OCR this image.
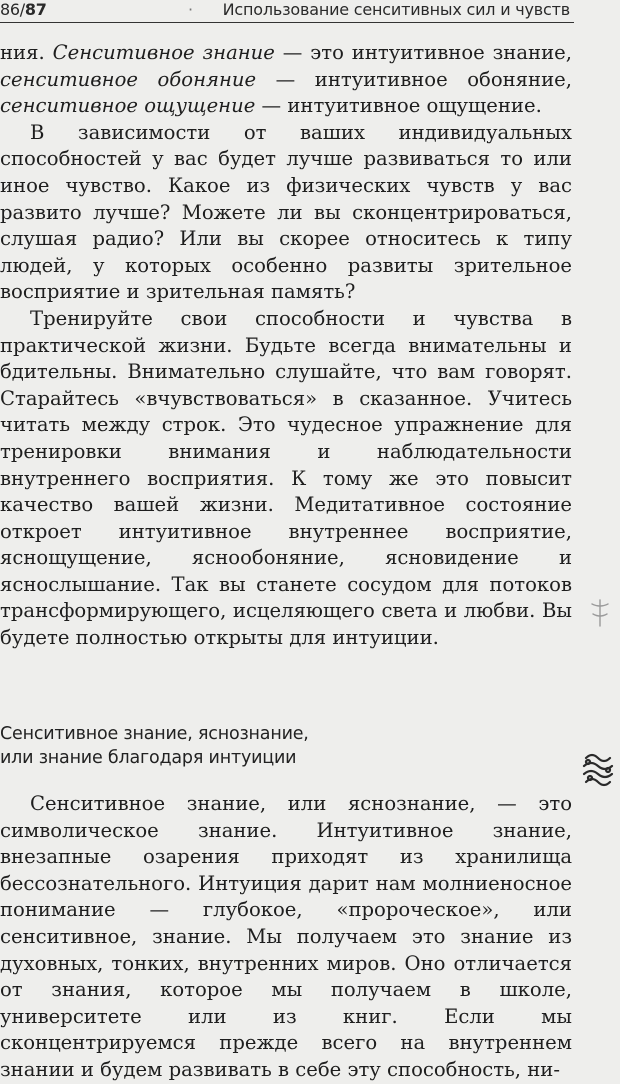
86/87	· Использование сенситивных сил и чувств

ния. Сенситивное знание — это интуитивное знание, сенситивное обоняние — интуитивное обоняние, сенситивное ощущение — интуитивное ощущение.

В зависимости от ваших индивидуальных способностей у вас будет лучше развиваться то или иное чувство. Какое из физических чувств у вас развито лучше? Можете ли вы сконцентрироваться, слушая радио? Или вы скорее относитесь к типу людей, у которых особенно развиты зрительное восприятие и зрительная память?

Тренируйте свои способности и чувства в практической жизни. Будьте всегда внимательны и бдительны. Внимательно слушайте, что вам говорят. Старайтесь «вчувствоваться» в сказанное. Учитесь читать между строк. Это чудесное упражнение для тренировки внимания и наблюдательности внутреннего восприятия. К тому же это повысит качество вашей жизни. Медитативное состояние откроет интуитивное внутреннее восприятие, яснощущение, яснообоняние, ясновидение и яснослышание. Так вы станете сосудом для потоков трансформирующего, исцеляющего света и любви. Вы будете полностью открыты для интуиции.

Сенситивное знание, яснознание,
или знание благодаря интуиции

Сенситивное знание, или яснознание, — это символическое знание. Интуитивное знание, внезапные озарения приходят из хранилища бессознательного. Интуиция дарит нам молниеносное понимание — глубокое, «пророческое», или сенситивное, знание. Мы получаем это знание из духовных, тонких, внутренних миров. Оно отличается от знания, которое мы получаем в школе, университете или из книг. Если мы сконцентрируемся прежде всего на внутреннем знании и будем развивать в себе эту способность, ни-
